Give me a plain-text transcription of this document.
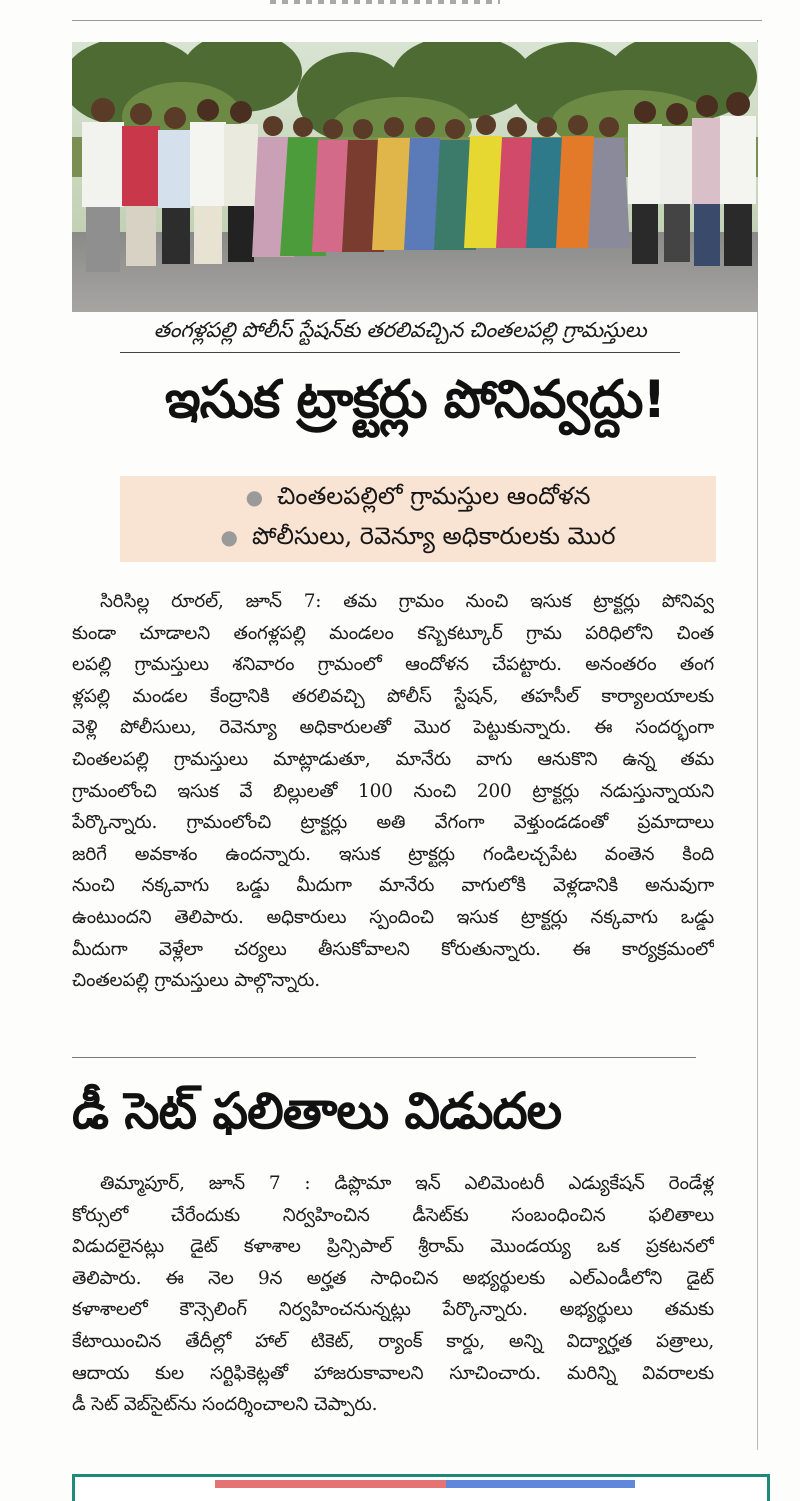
తంగళ్లపల్లి పోలీస్ స్టేషన్‌కు తరలివచ్చిన చింతలపల్లి గ్రామస్తులు
ఇసుక ట్రాక్టర్లు పోనివ్వద్దు!
● చింతలపల్లిలో గ్రామస్తుల ఆందోళన
● పోలీసులు, రెవెన్యూ అధికారులకు మొర
సిరిసిల్ల రూరల్, జూన్ 7: తమ గ్రామం నుంచి ఇసుక ట్రాక్టర్లు పోనివ్వ
కుండా చూడాలని తంగళ్లపల్లి మండలం కస్బెకట్కూర్ గ్రామ పరిధిలోని చింత
లపల్లి గ్రామస్తులు శనివారం గ్రామంలో ఆందోళన చేపట్టారు. అనంతరం తంగ
ళ్లపల్లి మండల కేంద్రానికి తరలివచ్చి పోలీస్ స్టేషన్, తహసీల్ కార్యాలయాలకు
వెళ్లి పోలీసులు, రెవెన్యూ అధికారులతో మొర పెట్టుకున్నారు. ఈ సందర్భంగా
చింతలపల్లి గ్రామస్తులు మాట్లాడుతూ, మానేరు వాగు ఆనుకొని ఉన్న తమ
గ్రామంలోంచి ఇసుక వే బిల్లులతో 100 నుంచి 200 ట్రాక్టర్లు నడుస్తున్నాయని
పేర్కొన్నారు. గ్రామంలోంచి ట్రాక్టర్లు అతి వేగంగా వెళ్తుండడంతో ప్రమాదాలు
జరిగే అవకాశం ఉందన్నారు. ఇసుక ట్రాక్టర్లు గండిలచ్చపేట వంతెన కింది
నుంచి నక్కవాగు ఒడ్డు మీదుగా మానేరు వాగులోకి వెళ్లడానికి అనువుగా
ఉంటుందని తెలిపారు. అధికారులు స్పందించి ఇసుక ట్రాక్టర్లు నక్కవాగు ఒడ్డు
మీదుగా వెళ్లేలా చర్యలు తీసుకోవాలని కోరుతున్నారు. ఈ కార్యక్రమంలో
చింతలపల్లి గ్రామస్తులు పాల్గొన్నారు.
డీ సెట్ ఫలితాలు విడుదల
తిమ్మాపూర్, జూన్ 7 : డిప్లొమా ఇన్ ఎలిమెంటరీ ఎడ్యుకేషన్ రెండేళ్ల
కోర్సులో చేరేందుకు నిర్వహించిన డీసెట్‌కు సంబంధించిన ఫలితాలు
విడుదలైనట్లు డైట్ కళాశాల ప్రిన్సిపాల్ శ్రీరామ్ మొండయ్య ఒక ప్రకటనలో
తెలిపారు. ఈ నెల 9న అర్హత సాధించిన అభ్యర్థులకు ఎల్ఎండీలోని డైట్
కళాశాలలో కౌన్సెలింగ్ నిర్వహించనున్నట్లు పేర్కొన్నారు. అభ్యర్థులు తమకు
కేటాయించిన తేదీల్లో హాల్ టికెట్, ర్యాంక్ కార్డు, అన్ని విద్యార్హత పత్రాలు,
ఆదాయ కుల సర్టిఫికెట్లతో హాజరుకావాలని సూచించారు. మరిన్ని వివరాలకు
డీ సెట్ వెబ్‌సైట్‌ను సందర్శించాలని చెప్పారు.
